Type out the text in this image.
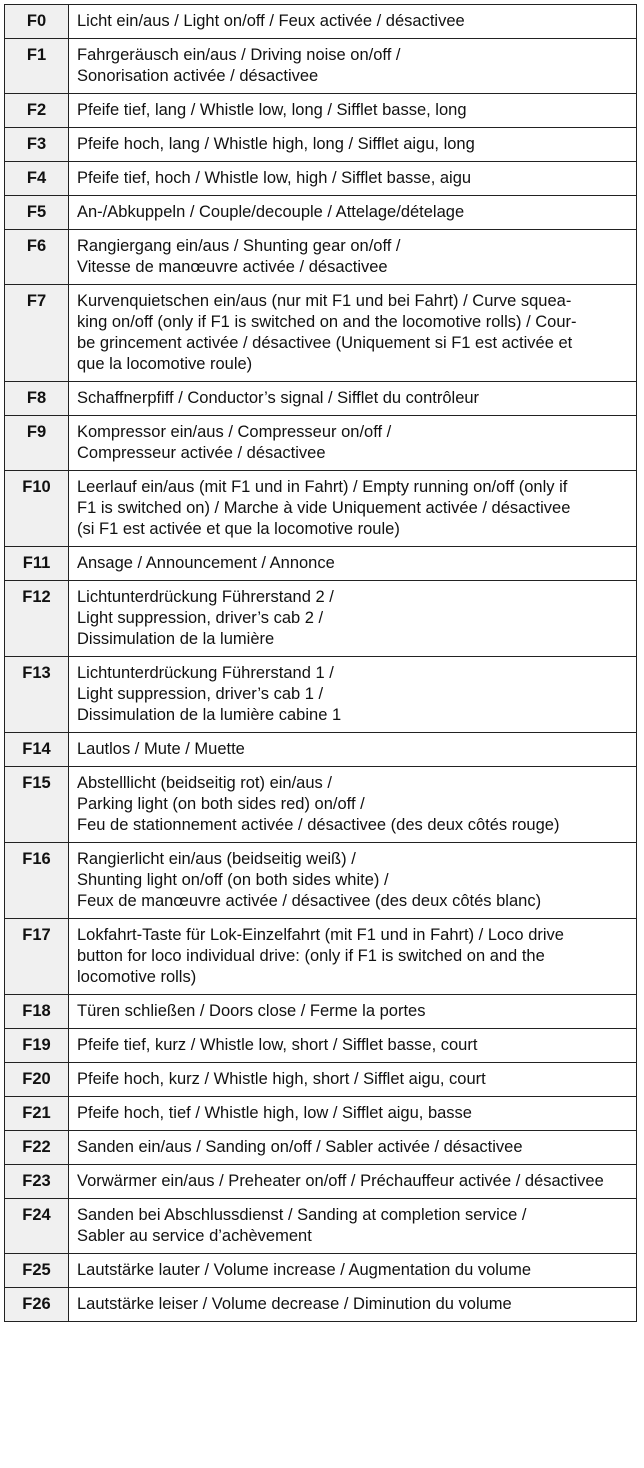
F0	Licht ein/aus / Light on/off / Feux activée / désactivee
F1	Fahrgeräusch ein/aus / Driving noise on/off /
Sonorisation activée / désactivee
F2	Pfeife tief, lang / Whistle low, long / Sifflet basse, long
F3	Pfeife hoch, lang / Whistle high, long / Sifflet aigu, long
F4	Pfeife tief, hoch / Whistle low, high / Sifflet basse, aigu
F5	An-/Abkuppeln / Couple/decouple / Attelage/dételage
F6	Rangiergang ein/aus / Shunting gear on/off /
Vitesse de manœuvre activée / désactivee
F7	Kurvenquietschen ein/aus (nur mit F1 und bei Fahrt) / Curve squea-
king on/off (only if F1 is switched on and the locomotive rolls) / Cour-
be grincement activée / désactivee (Uniquement si F1 est activée et
que la locomotive roule)
F8	Schaffnerpfiff / Conductor’s signal / Sifflet du contrôleur
F9	Kompressor ein/aus / Compresseur on/off /
Compresseur activée / désactivee
F10	Leerlauf ein/aus (mit F1 und in Fahrt) / Empty running on/off (only if
F1 is switched on) / Marche à vide Uniquement activée / désactivee
(si F1 est activée et que la locomotive roule)
F11	Ansage / Announcement / Annonce
F12	Lichtunterdrückung Führerstand 2 /
Light suppression, driver’s cab 2 /
Dissimulation de la lumière
F13	Lichtunterdrückung Führerstand 1 /
Light suppression, driver’s cab 1 /
Dissimulation de la lumière cabine 1
F14	Lautlos / Mute / Muette
F15	Abstelllicht (beidseitig rot) ein/aus /
Parking light (on both sides red) on/off /
Feu de stationnement activée / désactivee (des deux côtés rouge)
F16	Rangierlicht ein/aus (beidseitig weiß) /
Shunting light on/off (on both sides white) /
Feux de manœuvre activée / désactivee (des deux côtés blanc)
F17	Lokfahrt-Taste für Lok-Einzelfahrt (mit F1 und in Fahrt) / Loco drive
button for loco individual drive: (only if F1 is switched on and the
locomotive rolls)
F18	Türen schließen / Doors close / Ferme la portes
F19	Pfeife tief, kurz / Whistle low, short / Sifflet basse, court
F20	Pfeife hoch, kurz / Whistle high, short / Sifflet aigu, court
F21	Pfeife hoch, tief / Whistle high, low / Sifflet aigu, basse
F22	Sanden ein/aus / Sanding on/off / Sabler activée / désactivee
F23	Vorwärmer ein/aus / Preheater on/off / Préchauffeur activée / désactivee
F24	Sanden bei Abschlussdienst / Sanding at completion service /
Sabler au service d’achèvement
F25	Lautstärke lauter / Volume increase / Augmentation du volume
F26	Lautstärke leiser / Volume decrease / Diminution du volume
